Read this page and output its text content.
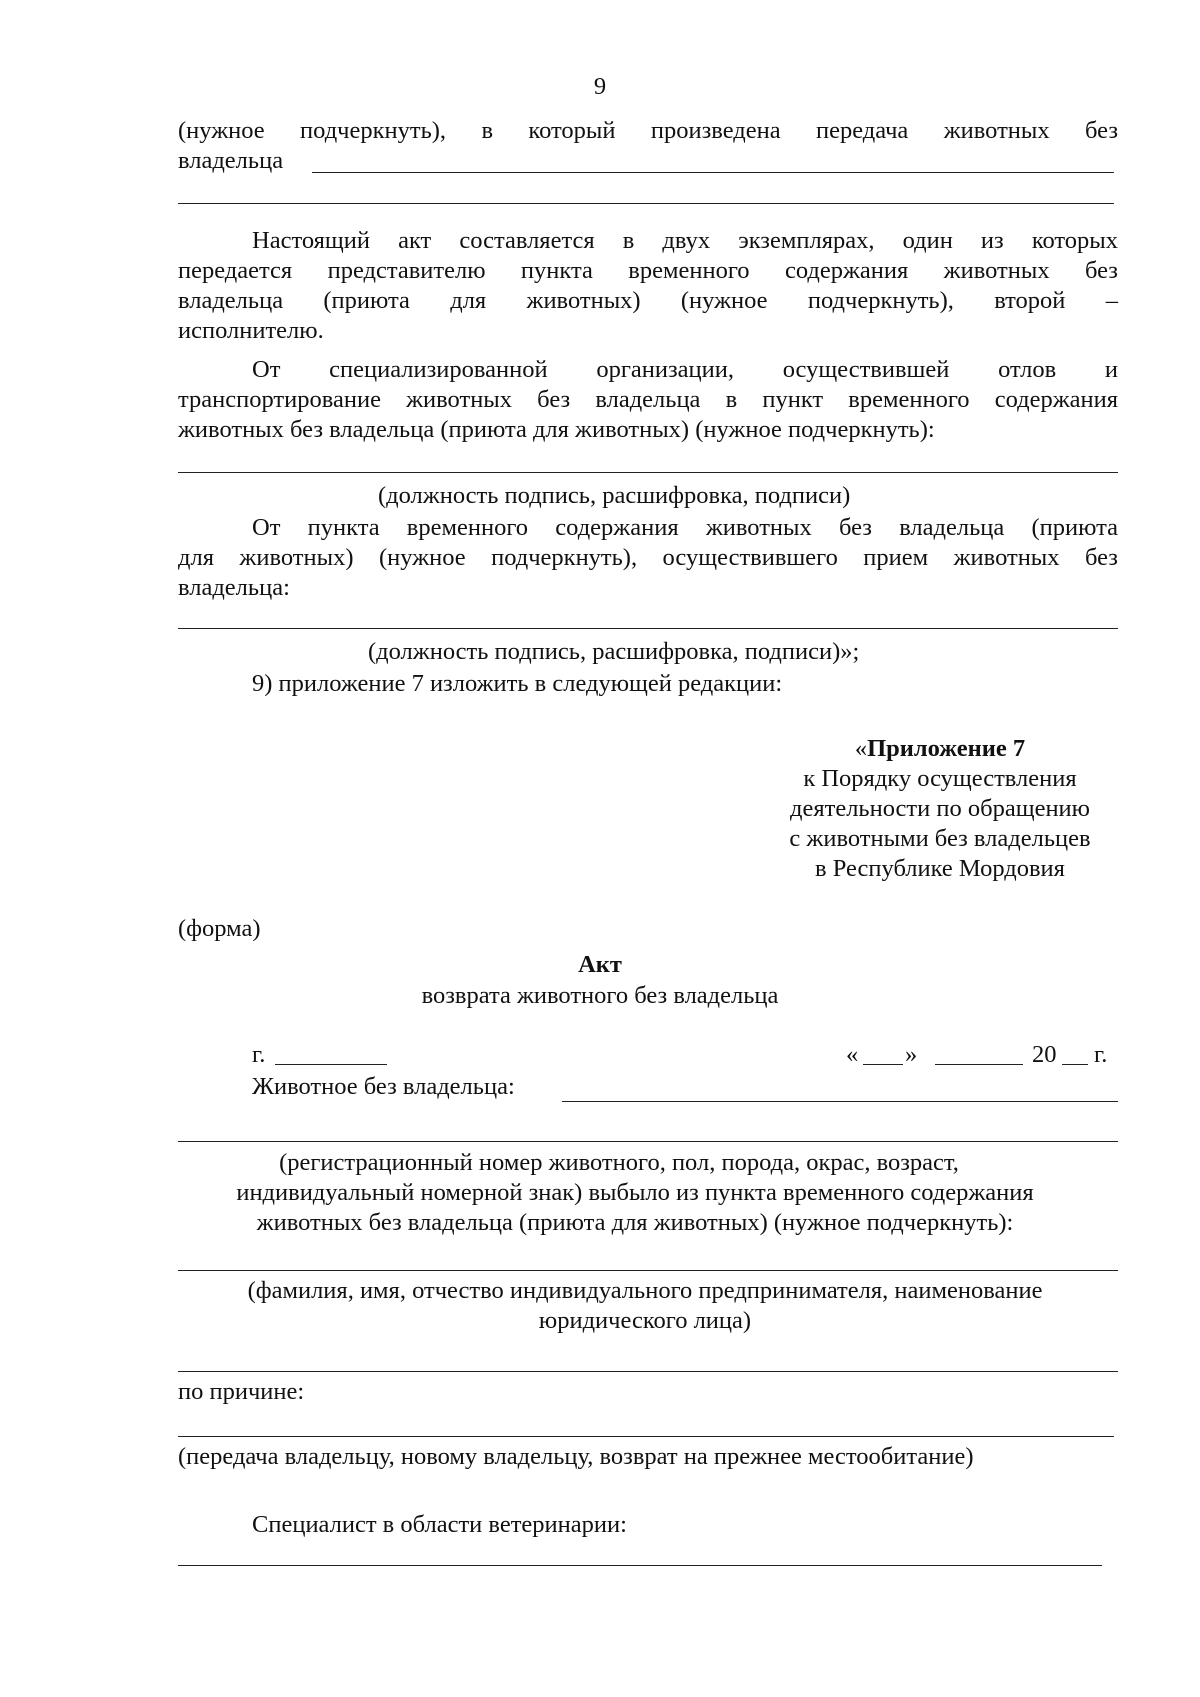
9
(нужное подчеркнуть), в который произведена передача животных без
владельца
Настоящий акт составляется в двух экземплярах, один из которых
передается представителю пункта временного содержания животных без
владельца (приюта для животных) (нужное подчеркнуть), второй –
исполнителю.
От специализированной организации, осуществившей отлов и
транспортирование животных без владельца в пункт временного содержания
животных без владельца (приюта для животных) (нужное подчеркнуть):
(должность подпись, расшифровка, подписи)
От пункта временного содержания животных без владельца (приюта
для животных) (нужное подчеркнуть), осуществившего прием животных без
владельца:
(должность подпись, расшифровка, подписи)»;
9) приложение 7 изложить в следующей редакции:
«Приложение 7
к Порядку осуществления
деятельности по обращению
с животными без владельцев
в Республике Мордовия
(форма)
Акт
возврата животного без владельца
г.	« »	20 г.
Животное без владельца:
(регистрационный номер животного, пол, порода, окрас, возраст,
индивидуальный номерной знак) выбыло из пункта временного содержания
животных без владельца (приюта для животных) (нужное подчеркнуть):
(фамилия, имя, отчество индивидуального предпринимателя, наименование
юридического лица)
по причине:
(передача владельцу, новому владельцу, возврат на прежнее местообитание)
Специалист в области ветеринарии:
